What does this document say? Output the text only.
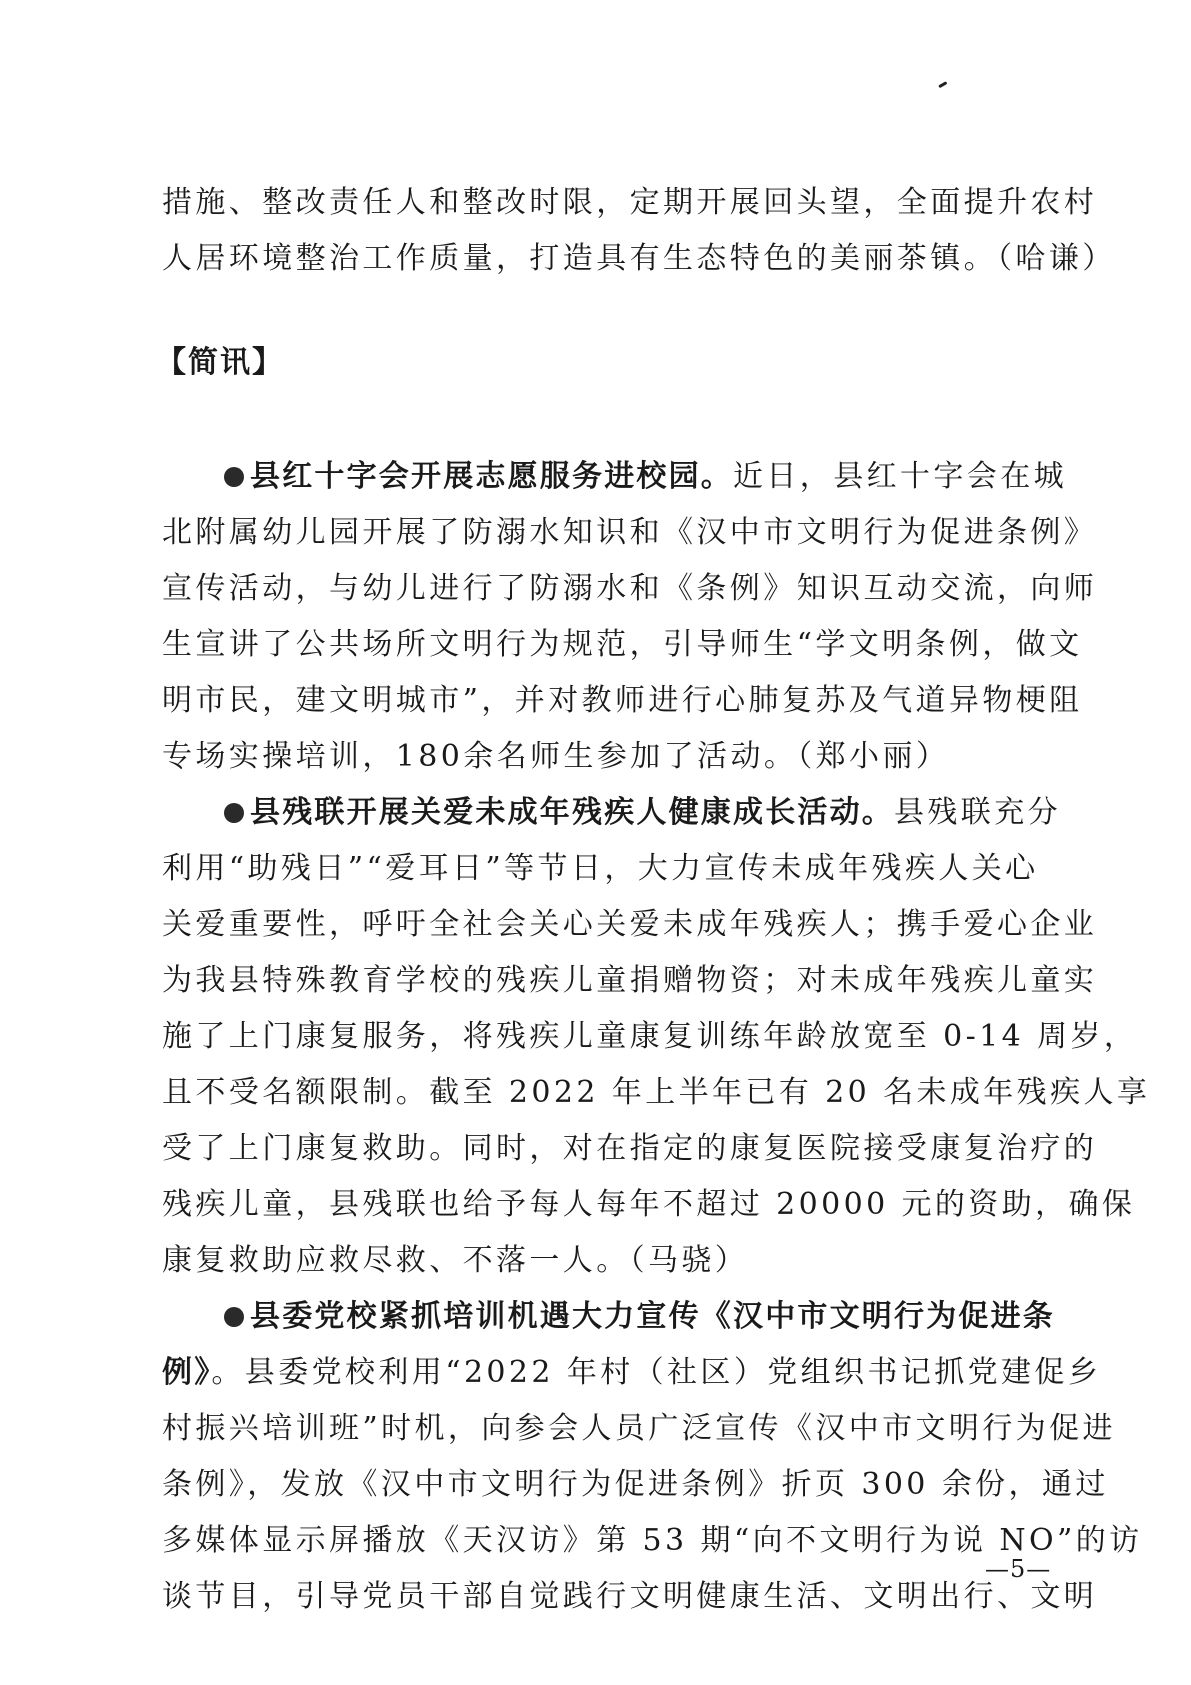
措施、整改责任人和整改时限，定期开展回头望，全面提升农村
人居环境整治工作质量，打造具有生态特色的美丽茶镇。（哈谦）
【简讯】
县红十字会开展志愿服务进校园。近日，县红十字会在城
北附属幼儿园开展了防溺水知识和《汉中市文明行为促进条例》
宣传活动，与幼儿进行了防溺水和《条例》知识互动交流，向师
生宣讲了公共场所文明行为规范，引导师生“学文明条例，做文
明市民，建文明城市”，并对教师进行心肺复苏及气道异物梗阻
专场实操培训，180余名师生参加了活动。（郑小丽）
县残联开展关爱未成年残疾人健康成长活动。县残联充分
利用“助残日”“爱耳日”等节日，大力宣传未成年残疾人关心
关爱重要性，呼吁全社会关心关爱未成年残疾人；携手爱心企业
为我县特殊教育学校的残疾儿童捐赠物资；对未成年残疾儿童实
施了上门康复服务，将残疾儿童康复训练年龄放宽至 0-14 周岁，
且不受名额限制。截至 2022 年上半年已有 20 名未成年残疾人享
受了上门康复救助。同时，对在指定的康复医院接受康复治疗的
残疾儿童，县残联也给予每人每年不超过 20000 元的资助，确保
康复救助应救尽救、不落一人。（马骁）
县委党校紧抓培训机遇大力宣传《汉中市文明行为促进条
例》。县委党校利用“2022 年村（社区）党组织书记抓党建促乡
村振兴培训班”时机，向参会人员广泛宣传《汉中市文明行为促进
条例》，发放《汉中市文明行为促进条例》折页 300 余份，通过
多媒体显示屏播放《天汉访》第 53 期“向不文明行为说 NO”的访
谈节目，引导党员干部自觉践行文明健康生活、文明出行、文明
—5—
